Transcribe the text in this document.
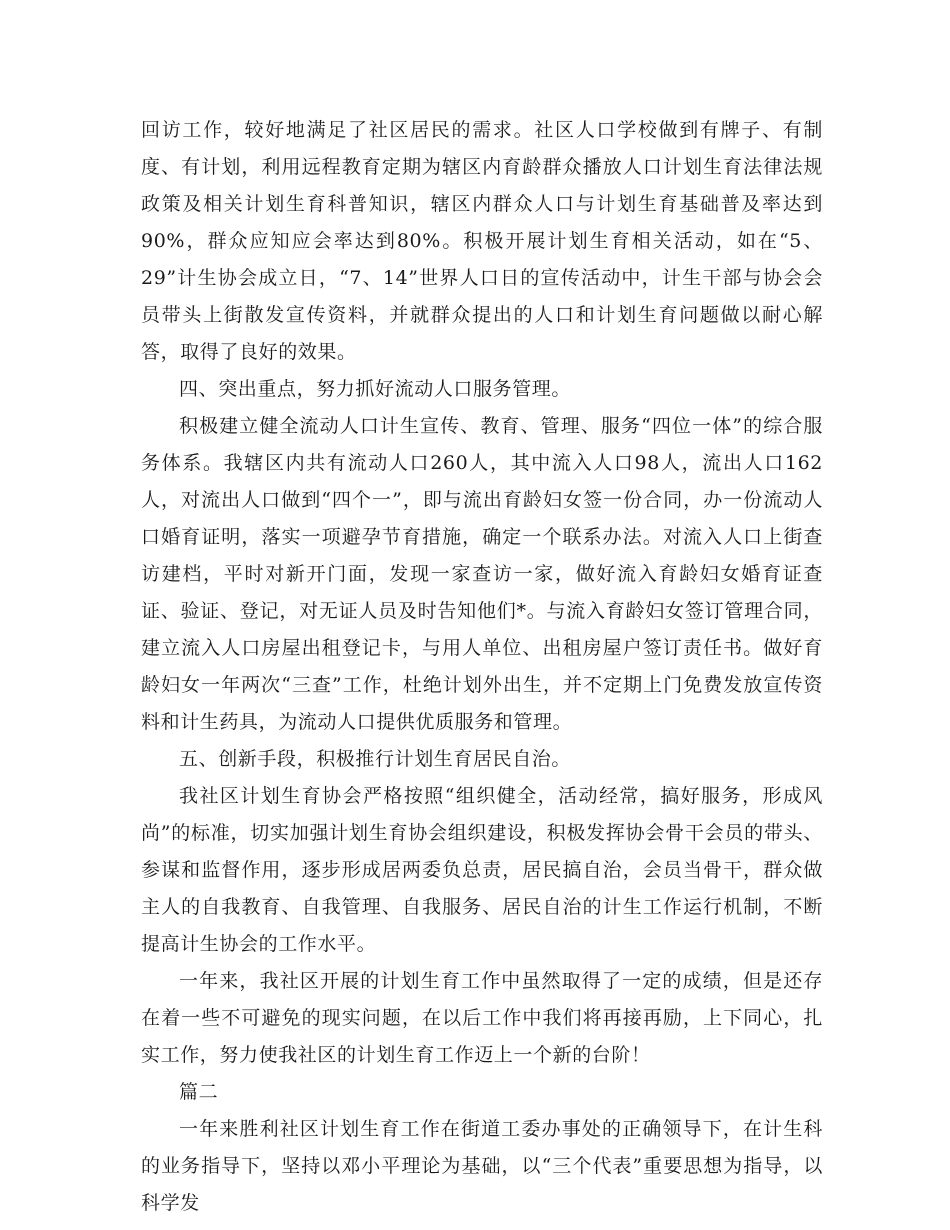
回访工作，较好地满足了社区居民的需求。社区人口学校做到有牌子、有制度、有计划，利用远程教育定期为辖区内育龄群众播放人口计划生育法律法规政策及相关计划生育科普知识，辖区内群众人口与计划生育基础普及率达到90%，群众应知应会率达到80%。积极开展计划生育相关活动，如在“5、29”计生协会成立日，“7、14”世界人口日的宣传活动中，计生干部与协会会员带头上街散发宣传资料，并就群众提出的人口和计划生育问题做以耐心解答，取得了良好的效果。

四、突出重点，努力抓好流动人口服务管理。

积极建立健全流动人口计生宣传、教育、管理、服务“四位一体”的综合服务体系。我辖区内共有流动人口260人，其中流入人口98人，流出人口162人，对流出人口做到“四个一”，即与流出育龄妇女签一份合同，办一份流动人口婚育证明，落实一项避孕节育措施，确定一个联系办法。对流入人口上街查访建档，平时对新开门面，发现一家查访一家，做好流入育龄妇女婚育证查证、验证、登记，对无证人员及时告知他们*。与流入育龄妇女签订管理合同，建立流入人口房屋出租登记卡，与用人单位、出租房屋户签订责任书。做好育龄妇女一年两次“三查”工作，杜绝计划外出生，并不定期上门免费发放宣传资料和计生药具，为流动人口提供优质服务和管理。

五、创新手段，积极推行计划生育居民自治。

我社区计划生育协会严格按照“组织健全，活动经常，搞好服务，形成风尚”的标准，切实加强计划生育协会组织建设，积极发挥协会骨干会员的带头、参谋和监督作用，逐步形成居两委负总责，居民搞自治，会员当骨干，群众做主人的自我教育、自我管理、自我服务、居民自治的计生工作运行机制，不断提高计生协会的工作水平。

一年来，我社区开展的计划生育工作中虽然取得了一定的成绩，但是还存在着一些不可避免的现实问题，在以后工作中我们将再接再励，上下同心，扎实工作，努力使我社区的计划生育工作迈上一个新的台阶！

篇二

一年来胜利社区计划生育工作在街道工委办事处的正确领导下，在计生科的业务指导下，坚持以邓小平理论为基础，以“三个代表”重要思想为指导，以科学发
